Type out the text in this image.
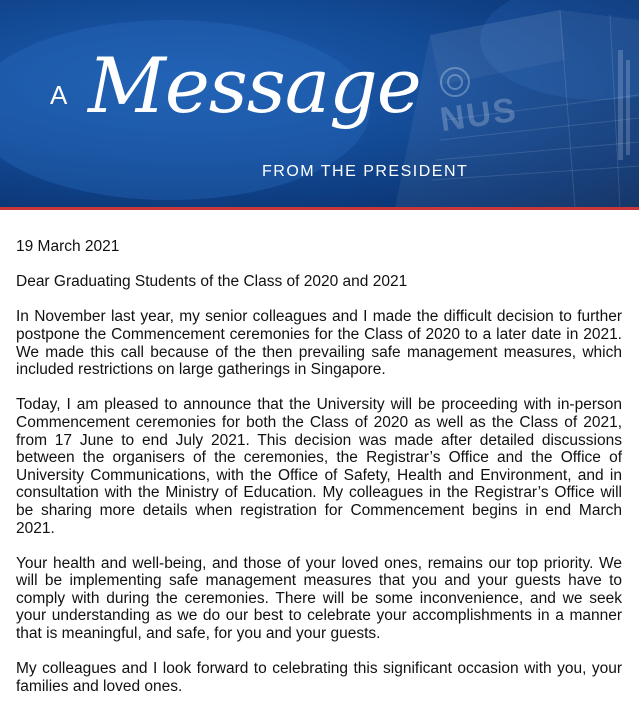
NUS
A Message
FROM THE PRESIDENT

19 March 2021

Dear Graduating Students of the Class of 2020 and 2021

In November last year, my senior colleagues and I made the difficult decision to further postpone the Commencement ceremonies for the Class of 2020 to a later date in 2021. We made this call because of the then prevailing safe management measures, which included restrictions on large gatherings in Singapore.

Today, I am pleased to announce that the University will be proceeding with in-person Commencement ceremonies for both the Class of 2020 as well as the Class of 2021, from 17 June to end July 2021. This decision was made after detailed discussions between the organisers of the ceremonies, the Registrar’s Office and the Office of University Communications, with the Office of Safety, Health and Environment, and in consultation with the Ministry of Education. My colleagues in the Registrar’s Office will be sharing more details when registration for Commencement begins in end March 2021.

Your health and well-being, and those of your loved ones, remains our top priority. We will be implementing safe management measures that you and your guests have to comply with during the ceremonies. There will be some inconvenience, and we seek your understanding as we do our best to celebrate your accomplishments in a manner that is meaningful, and safe, for you and your guests.

My colleagues and I look forward to celebrating this significant occasion with you, your families and loved ones.
